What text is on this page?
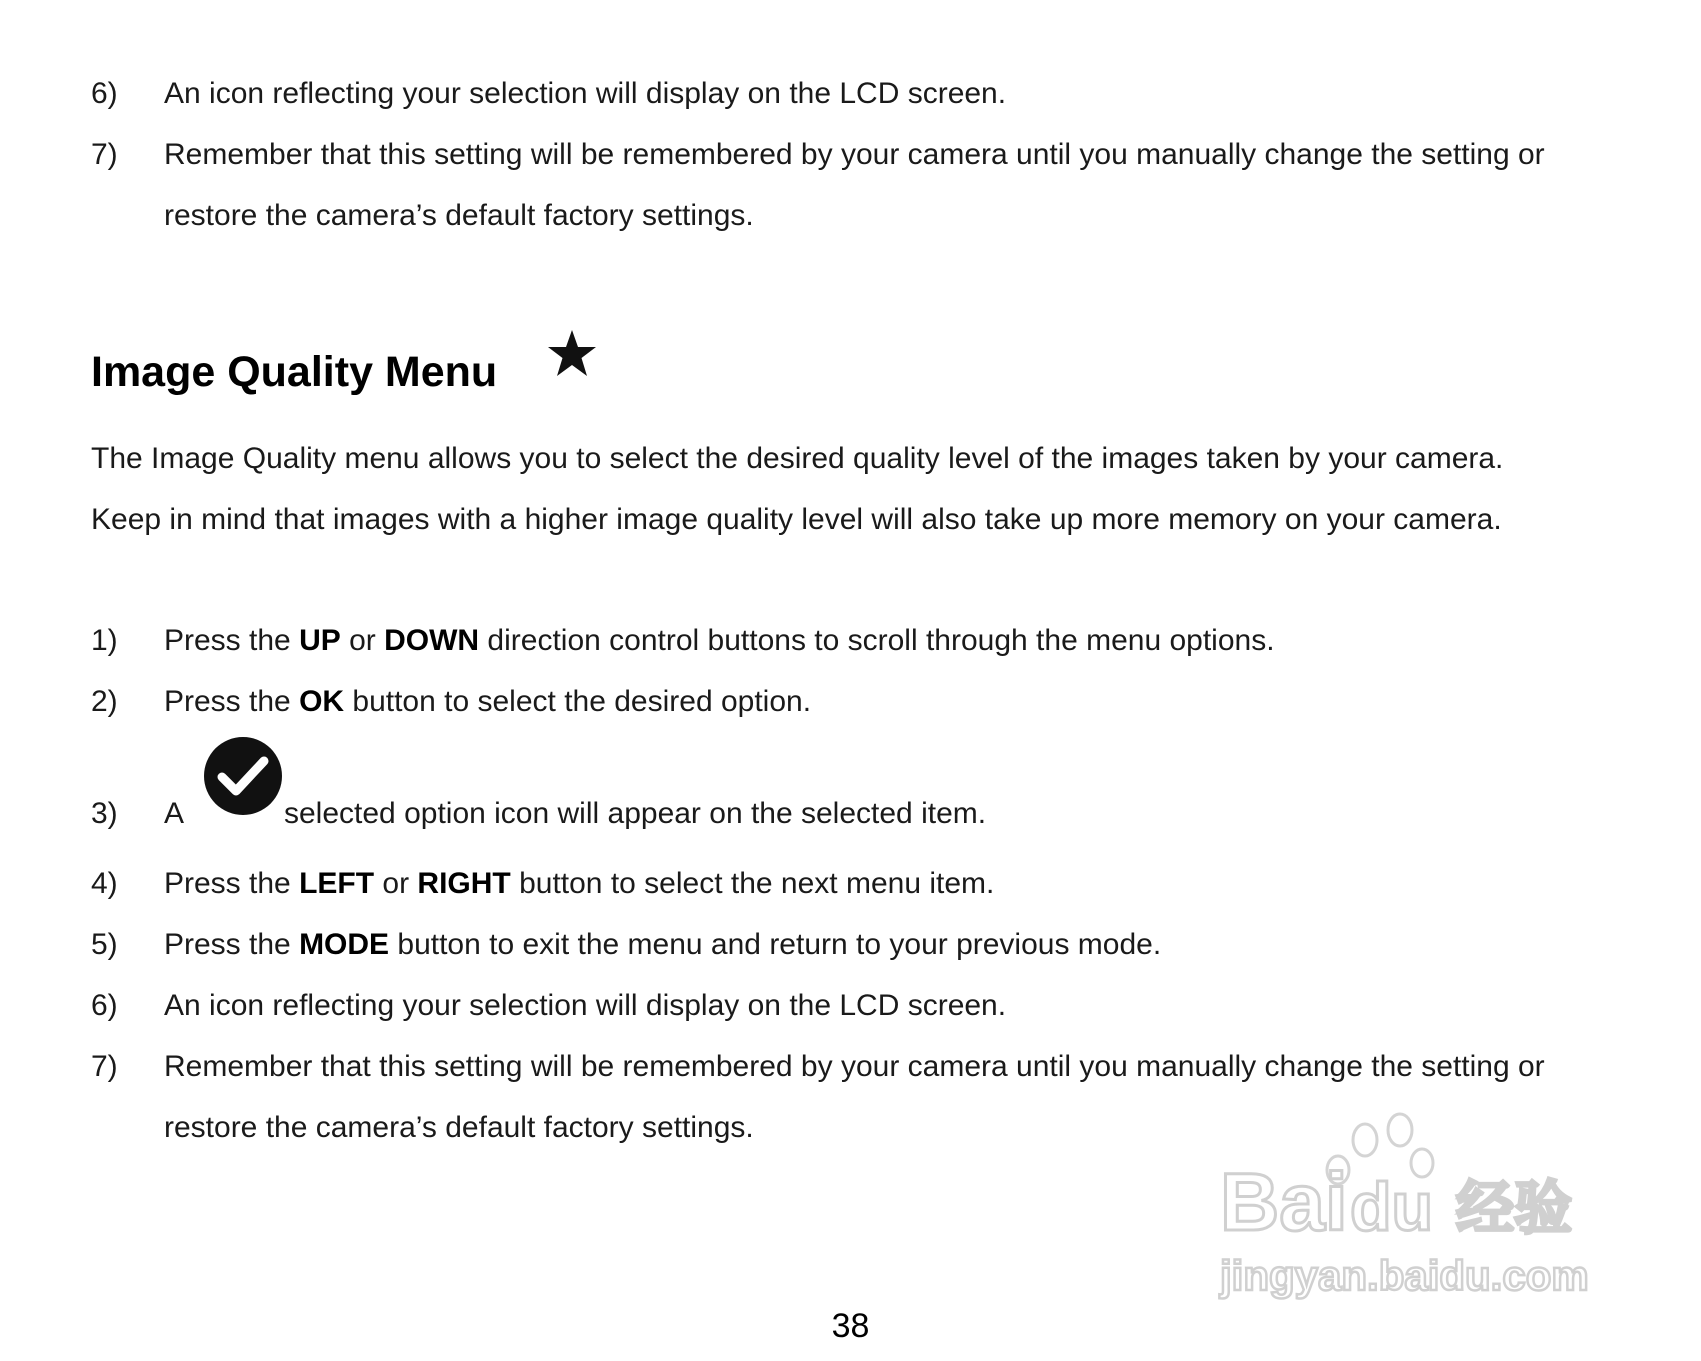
6) An icon reflecting your selection will display on the LCD screen.
7) Remember that this setting will be remembered by your camera until you manually change the setting or
restore the camera’s default factory settings.
Image Quality Menu
The Image Quality menu allows you to select the desired quality level of the images taken by your camera.
Keep in mind that images with a higher image quality level will also take up more memory on your camera.
1) Press the UP or DOWN direction control buttons to scroll through the menu options.
2) Press the OK button to select the desired option.
3) A	selected option icon will appear on the selected item.
4) Press the LEFT or RIGHT button to select the next menu item.
5) Press the MODE button to exit the menu and return to your previous mode.
6) An icon reflecting your selection will display on the LCD screen.
7) Remember that this setting will be remembered by your camera until you manually change the setting or
restore the camera’s default factory settings.
Bai du 经验
jingyan.baidu.com
38
